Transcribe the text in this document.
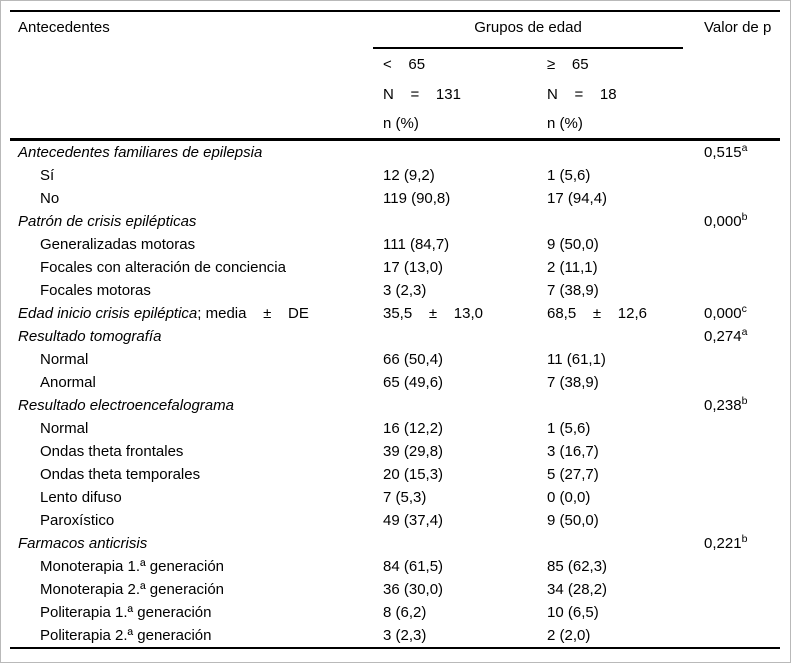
Antecedentes	Grupos de edad		Valor de p
	<    65	≥    65	
	N    =    131	N    =    18	
	n (%)	n (%)	
Antecedentes familiares de epilepsia			0,515$^a$
Sí	12 (9,2)	1 (5,6)	
No	119 (90,8)	17 (94,4)	
Patrón de crisis epilépticas			0,000$^b$
Generalizadas motoras	111 (84,7)	9 (50,0)	
Focales con alteración de conciencia	17 (13,0)	2 (11,1)	
Focales motoras	3 (2,3)	7 (38,9)	
Edad inicio crisis epiléptica; media    ±    DE	35,5    ±    13,0	68,5    ±    12,6	0,000$^c$
Resultado tomografía			0,274$^a$
Normal	66 (50,4)	11 (61,1)	
Anormal	65 (49,6)	7 (38,9)	
Resultado electroencefalograma			0,238$^b$
Normal	16 (12,2)	1 (5,6)	
Ondas theta frontales	39 (29,8)	3 (16,7)	
Ondas theta temporales	20 (15,3)	5 (27,7)	
Lento difuso	7 (5,3)	0 (0,0)	
Paroxístico	49 (37,4)	9 (50,0)	
Farmacos anticrisis			0,221$^b$
Monoterapia 1.ª generación	84 (61,5)	85 (62,3)	
Monoterapia 2.ª generación	36 (30,0)	34 (28,2)	
Politerapia 1.ª generación	8 (6,2)	10 (6,5)	
Politerapia 2.ª generación	3 (2,3)	2 (2,0)	
